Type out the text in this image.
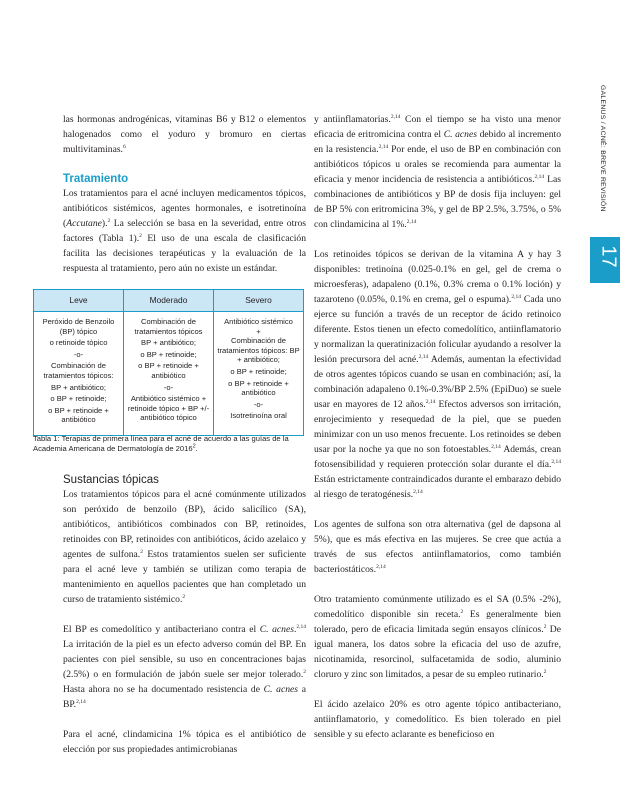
GALENUS / ACNÉ: BREVE REVISIÓN
17

las hormonas androgénicas, vitaminas B6 y B12 o elementos halogenados como el yoduro y bromuro en ciertas multivitaminas.$^6$

Tratamiento

Los tratamientos para el acné incluyen medicamentos tópicos, antibióticos sistémicos, agentes hormonales, e isotretinoína (Accutane).$^2$ La selección se basa en la severidad, entre otros factores (Tabla 1).$^2$ El uso de una escala de clasificación facilita las decisiones terapéuticas y la evaluación de la respuesta al tratamiento, pero aún no existe un estándar.

Leve	Moderado	Severo
Peróxido de Benzoilo (BP) tópico
o retinoide tópico
-o-
Combinación de tratamientos tópicos:
BP + antibiótico;
o BP + retinoide;
o BP + retinoide + antibiótico
Combinación de tratamientos tópicos
BP + antibiótico;
o BP + retinoide;
o BP + retinoide + antibiótico
-o-
Antibiótico sistémico + retinoide tópico + BP +/- antibiótico tópico
Antibiótico sistémico
+
Combinación de tratamientos tópicos: BP + antibiótico;
o BP + retinoide;
o BP + retinoide + antibiótico
-o-
Isotretinoína oral
Tabla 1: Terapias de primera línea para el acné de acuerdo a las guías de la Academia Americana de Dermatología de 2016$^2$.
Sustancias tópicas

Los tratamientos tópicos para el acné comúnmente utilizados son peróxido de benzoilo (BP), ácido salicílico (SA), antibióticos, antibióticos combinados con BP, retinoides, retinoides con BP, retinoides con antibióticos, ácido azelaico y agentes de sulfona.$^2$ Estos tratamientos suelen ser suficiente para el acné leve y también se utilizan como terapia de mantenimiento en aquellos pacientes que han completado un curso de tratamiento sistémico.$^2$

El BP es comedolítico y antibacteriano contra el C. acnes.$^{2,14}$ La irritación de la piel es un efecto adverso común del BP. En pacientes con piel sensible, su uso en concentraciones bajas (2.5%) o en formulación de jabón suele ser mejor tolerado.$^2$ Hasta ahora no se ha documentado resistencia de C. acnes a BP.$^{2,14}$

Para el acné, clindamicina 1% tópica es el antibiótico de elección por sus propiedades antimicrobianas

y antiinflamatorias.$^{2,14}$ Con el tiempo se ha visto una menor eficacia de eritromicina contra el C. acnes debido al incremento en la resistencia.$^{2,14}$ Por ende, el uso de BP en combinación con antibióticos tópicos u orales se recomienda para aumentar la eficacia y menor incidencia de resistencia a antibióticos.$^{2,14}$ Las combinaciones de antibióticos y BP de dosis fija incluyen: gel de BP 5% con eritromicina 3%, y gel de BP 2.5%, 3.75%, o 5% con clindamicina al 1%.$^{2,14}$

Los retinoides tópicos se derivan de la vitamina A y hay 3 disponibles: tretinoína (0.025-0.1% en gel, gel de crema o microesferas), adapaleno (0.1%, 0.3% crema o 0.1% loción) y tazaroteno (0.05%, 0.1% en crema, gel o espuma).$^{2,14}$ Cada uno ejerce su función a través de un receptor de ácido retinoico diferente. Estos tienen un efecto comedolítico, antiinflamatorio y normalizan la queratinización folicular ayudando a resolver la lesión precursora del acné.$^{2,14}$ Además, aumentan la efectividad de otros agentes tópicos cuando se usan en combinación; así, la combinación adapaleno 0.1%-0.3%/BP 2.5% (EpiDuo) se suele usar en mayores de 12 años.$^{2,14}$ Efectos adversos son irritación, enrojecimiento y resequedad de la piel, que se pueden minimizar con un uso menos frecuente. Los retinoides se deben usar por la noche ya que no son fotoestables.$^{2,14}$ Además, crean fotosensibilidad y requieren protección solar durante el día.$^{2,14}$ Están estrictamente contraindicados durante el embarazo debido al riesgo de teratogénesis.$^{2,14}$

Los agentes de sulfona son otra alternativa (gel de dapsona al 5%), que es más efectiva en las mujeres. Se cree que actúa a través de sus efectos antiinflamatorios, como también bacteriostáticos.$^{2,14}$

Otro tratamiento comúnmente utilizado es el SA (0.5% -2%), comedolítico disponible sin receta.$^2$ Es generalmente bien tolerado, pero de eficacia limitada según ensayos clínicos.$^2$ De igual manera, los datos sobre la eficacia del uso de azufre, nicotinamida, resorcinol, sulfacetamida de sodio, aluminio cloruro y zinc son limitados, a pesar de su empleo rutinario.$^2$

El ácido azelaico 20% es otro agente tópico antibacteriano, antiinflamatorio, y comedolítico. Es bien tolerado en piel sensible y su efecto aclarante es beneficioso en
